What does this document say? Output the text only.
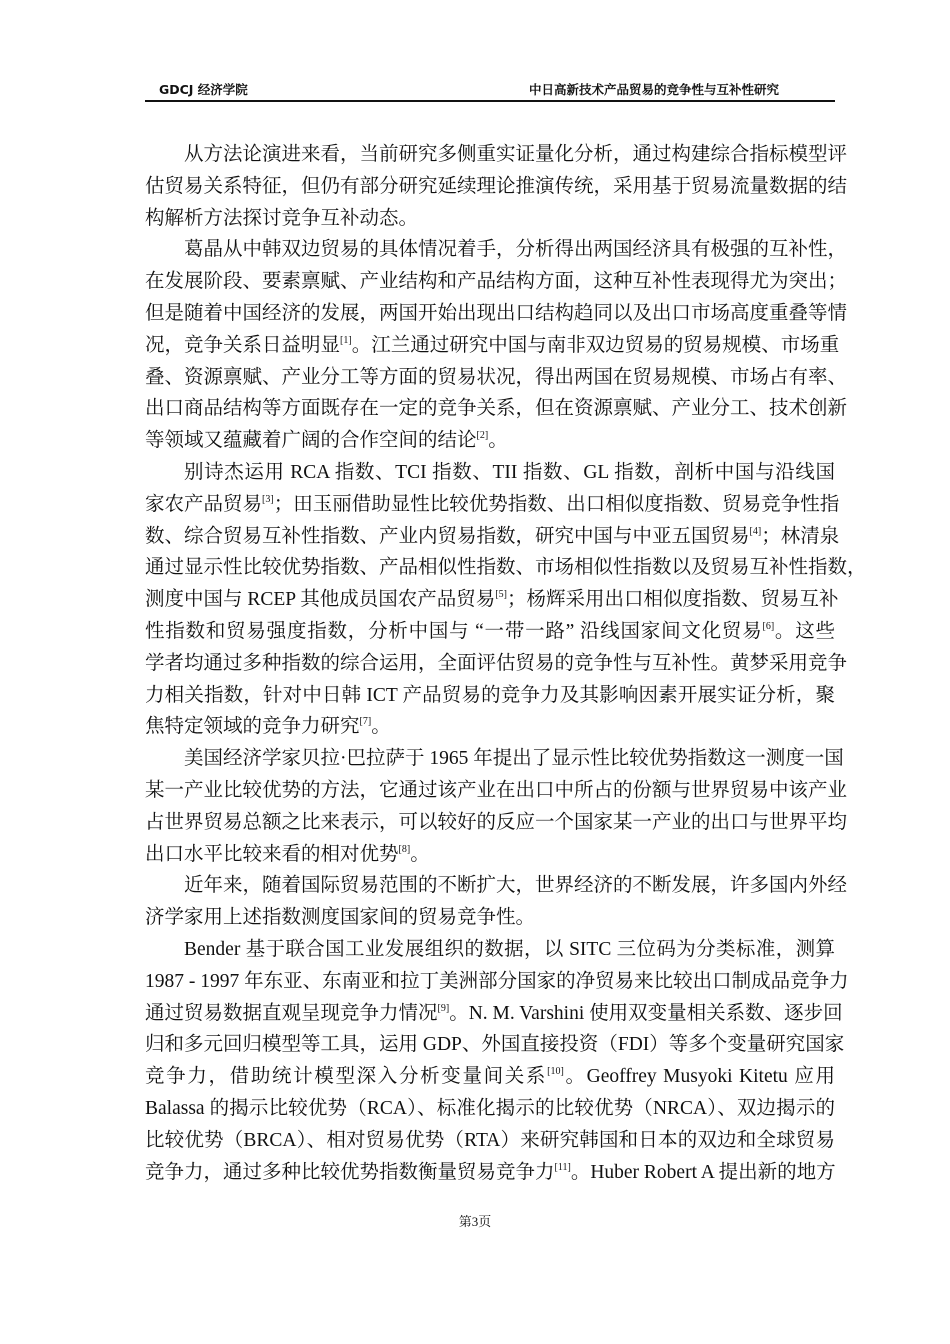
GDCJ 经济学院	中日高新技术产品贸易的竞争性与互补性研究
从方法论演进来看，当前研究多侧重实证量化分析，通过构建综合指标模型评
估贸易关系特征，但仍有部分研究延续理论推演传统，采用基于贸易流量数据的结
构解析方法探讨竞争互补动态。
葛晶从中韩双边贸易的具体情况着手，分析得出两国经济具有极强的互补性，
在发展阶段、要素禀赋、产业结构和产品结构方面，这种互补性表现得尤为突出；
但是随着中国经济的发展，两国开始出现出口结构趋同以及出口市场高度重叠等情
况，竞争关系日益明显[1]。江兰通过研究中国与南非双边贸易的贸易规模、市场重
叠、资源禀赋、产业分工等方面的贸易状况，得出两国在贸易规模、市场占有率、
出口商品结构等方面既存在一定的竞争关系，但在资源禀赋、产业分工、技术创新
等领域又蕴藏着广阔的合作空间的结论[2]。
别诗杰运用 RCA 指数、TCI 指数、TII 指数、GL 指数，剖析中国与沿线国
家农产品贸易[3]；田玉丽借助显性比较优势指数、出口相似度指数、贸易竞争性指
数、综合贸易互补性指数、产业内贸易指数，研究中国与中亚五国贸易[4]；林清泉
通过显示性比较优势指数、产品相似性指数、市场相似性指数以及贸易互补性指数，
测度中国与 RCEP 其他成员国农产品贸易[5]；杨辉采用出口相似度指数、贸易互补
性指数和贸易强度指数，分析中国与 “一带一路” 沿线国家间文化贸易[6]。这些
学者均通过多种指数的综合运用，全面评估贸易的竞争性与互补性。黄梦采用竞争
力相关指数，针对中日韩 ICT 产品贸易的竞争力及其影响因素开展实证分析，聚
焦特定领域的竞争力研究[7]。
美国经济学家贝拉·巴拉萨于 1965 年提出了显示性比较优势指数这一测度一国
某一产业比较优势的方法，它通过该产业在出口中所占的份额与世界贸易中该产业
占世界贸易总额之比来表示，可以较好的反应一个国家某一产业的出口与世界平均
出口水平比较来看的相对优势[8]。
近年来，随着国际贸易范围的不断扩大，世界经济的不断发展，许多国内外经
济学家用上述指数测度国家间的贸易竞争性。
Bender 基于联合国工业发展组织的数据，以 SITC 三位码为分类标准，测算
1987 - 1997 年东亚、东南亚和拉丁美洲部分国家的净贸易来比较出口制成品竞争力
通过贸易数据直观呈现竞争力情况[9]。N. M. Varshini 使用双变量相关系数、逐步回
归和多元回归模型等工具，运用 GDP、外国直接投资（FDI）等多个变量研究国家
竞争力，借助统计模型深入分析变量间关系[10]。Geoffrey Musyoki Kitetu 应用
Balassa 的揭示比较优势（RCA）、标准化揭示的比较优势（NRCA）、双边揭示的
比较优势（BRCA）、相对贸易优势（RTA）来研究韩国和日本的双边和全球贸易
竞争力，通过多种比较优势指数衡量贸易竞争力[11]。Huber Robert A 提出新的地方
第3页
